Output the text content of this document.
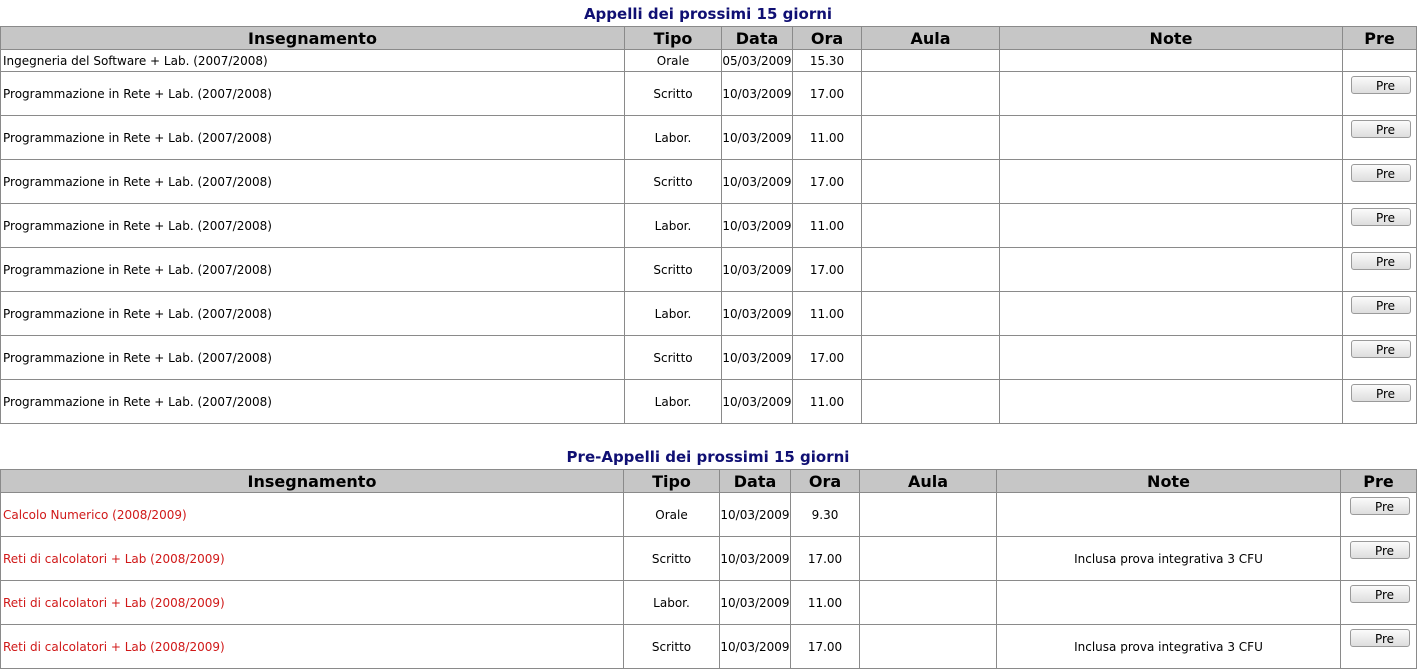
Appelli dei prossimi 15 giorni
Insegnamento	Tipo	Data	Ora	Aula	Note	Pre
Ingegneria del Software + Lab. (2007/2008)	Orale	05/03/2009	15.30			
Programmazione in Rete + Lab. (2007/2008)	Scritto	10/03/2009	17.00			Pre
Programmazione in Rete + Lab. (2007/2008)	Labor.	10/03/2009	11.00			Pre
Programmazione in Rete + Lab. (2007/2008)	Scritto	10/03/2009	17.00			Pre
Programmazione in Rete + Lab. (2007/2008)	Labor.	10/03/2009	11.00			Pre
Programmazione in Rete + Lab. (2007/2008)	Scritto	10/03/2009	17.00			Pre
Programmazione in Rete + Lab. (2007/2008)	Labor.	10/03/2009	11.00			Pre
Programmazione in Rete + Lab. (2007/2008)	Scritto	10/03/2009	17.00			Pre
Programmazione in Rete + Lab. (2007/2008)	Labor.	10/03/2009	11.00			Pre
Pre-Appelli dei prossimi 15 giorni
Insegnamento	Tipo	Data	Ora	Aula	Note	Pre
Calcolo Numerico (2008/2009)	Orale	10/03/2009	9.30			Pre
Reti di calcolatori + Lab (2008/2009)	Scritto	10/03/2009	17.00		Inclusa prova integrativa 3 CFU	Pre
Reti di calcolatori + Lab (2008/2009)	Labor.	10/03/2009	11.00			Pre
Reti di calcolatori + Lab (2008/2009)	Scritto	10/03/2009	17.00		Inclusa prova integrativa 3 CFU	Pre
